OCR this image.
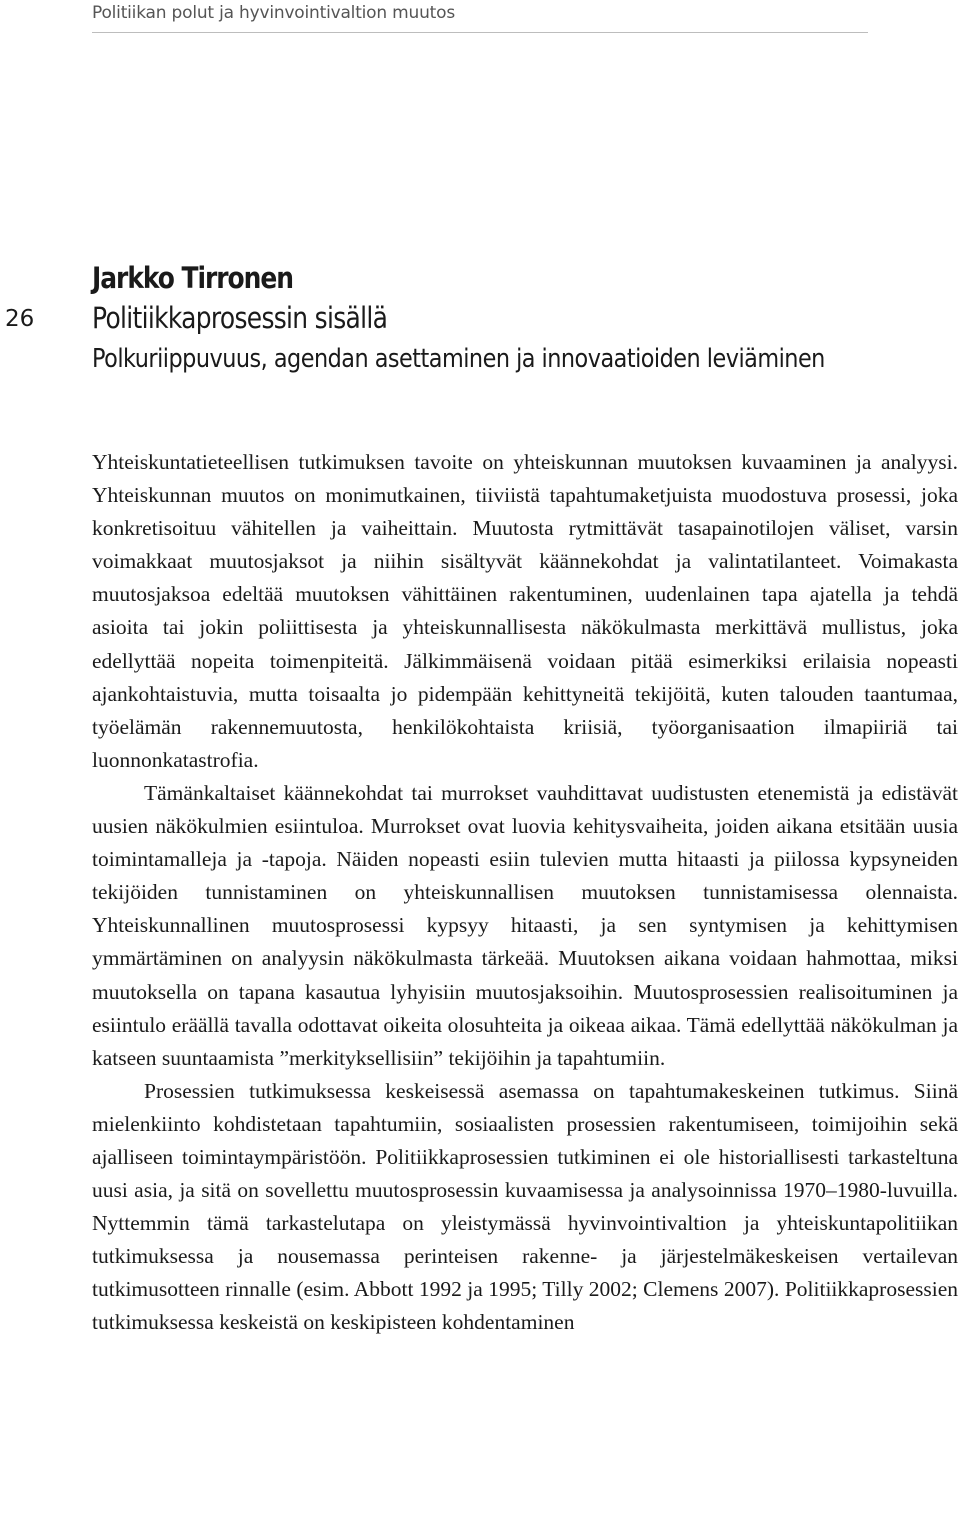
Politiikan polut ja hyvinvointivaltion muutos
26
Jarkko Tirronen
Politiikkaprosessin sisällä
Polkuriippuvuus, agendan asettaminen ja innovaatioiden leviäminen

Yhteiskuntatieteellisen tutkimuksen tavoite on yhteiskunnan muutoksen kuvaaminen ja analyysi. Yhteiskunnan muutos on monimutkainen, tiiviistä tapahtumaketjuista muodostuva prosessi, joka konkretisoituu vähitellen ja vaiheittain. Muutosta rytmittävät tasapainotilojen väliset, varsin voimakkaat muutosjaksot ja niihin sisältyvät käännekohdat ja valintatilanteet. Voimakasta muutosjaksoa edeltää muutoksen vähittäinen rakentuminen, uudenlainen tapa ajatella ja tehdä asioita tai jokin poliittisesta ja yhteiskunnallisesta näkökulmasta merkittävä mullistus, joka edellyttää nopeita toimenpiteitä. Jälkimmäisenä voidaan pitää esimerkiksi erilaisia nopeasti ajankohtaistuvia, mutta toisaalta jo pidempään kehittyneitä tekijöitä, kuten talouden taantumaa, työelämän rakennemuutosta, henkilökohtaista kriisiä, työorganisaation ilmapiiriä tai luonnonkatastrofia.

Tämänkaltaiset käännekohdat tai murrokset vauhdittavat uudistusten etenemistä ja edistävät uusien näkökulmien esiintuloa. Murrokset ovat luovia kehitysvaiheita, joiden aikana etsitään uusia toimintamalleja ja -tapoja. Näiden nopeasti esiin tulevien mutta hitaasti ja piilossa kypsyneiden tekijöiden tunnistaminen on yhteiskunnallisen muutoksen tunnistamisessa olennaista. Yhteiskunnallinen muutosprosessi kypsyy hitaasti, ja sen syntymisen ja kehittymisen ymmärtäminen on analyysin näkökulmasta tärkeää. Muutoksen aikana voidaan hahmottaa, miksi muutoksella on tapana kasautua lyhyisiin muutosjaksoihin. Muutosprosessien realisoituminen ja esiintulo eräällä tavalla odottavat oikeita olosuhteita ja oikeaa aikaa. Tämä edellyttää näkökulman ja katseen suuntaamista ”merkityksellisiin” tekijöihin ja tapahtumiin.

Prosessien tutkimuksessa keskeisessä asemassa on tapahtumakeskeinen tutkimus. Siinä mielenkiinto kohdistetaan tapahtumiin, sosiaalisten prosessien rakentumiseen, toimijoihin sekä ajalliseen toimintaympäristöön. Politiikkaprosessien tutkiminen ei ole historiallisesti tarkasteltuna uusi asia, ja sitä on sovellettu muutosprosessin kuvaamisessa ja analysoinnissa 1970–1980-luvuilla. Nyttemmin tämä tarkastelutapa on yleistymässä hyvinvointivaltion ja yhteiskuntapolitiikan tutkimuksessa ja nousemassa perinteisen rakenne- ja järjestelmäkeskeisen vertailevan tutkimusotteen rinnalle (esim. Abbott 1992 ja 1995; Tilly 2002; Clemens 2007). Politiikkaprosessien tutkimuksessa keskeistä on keskipisteen kohdentaminen
